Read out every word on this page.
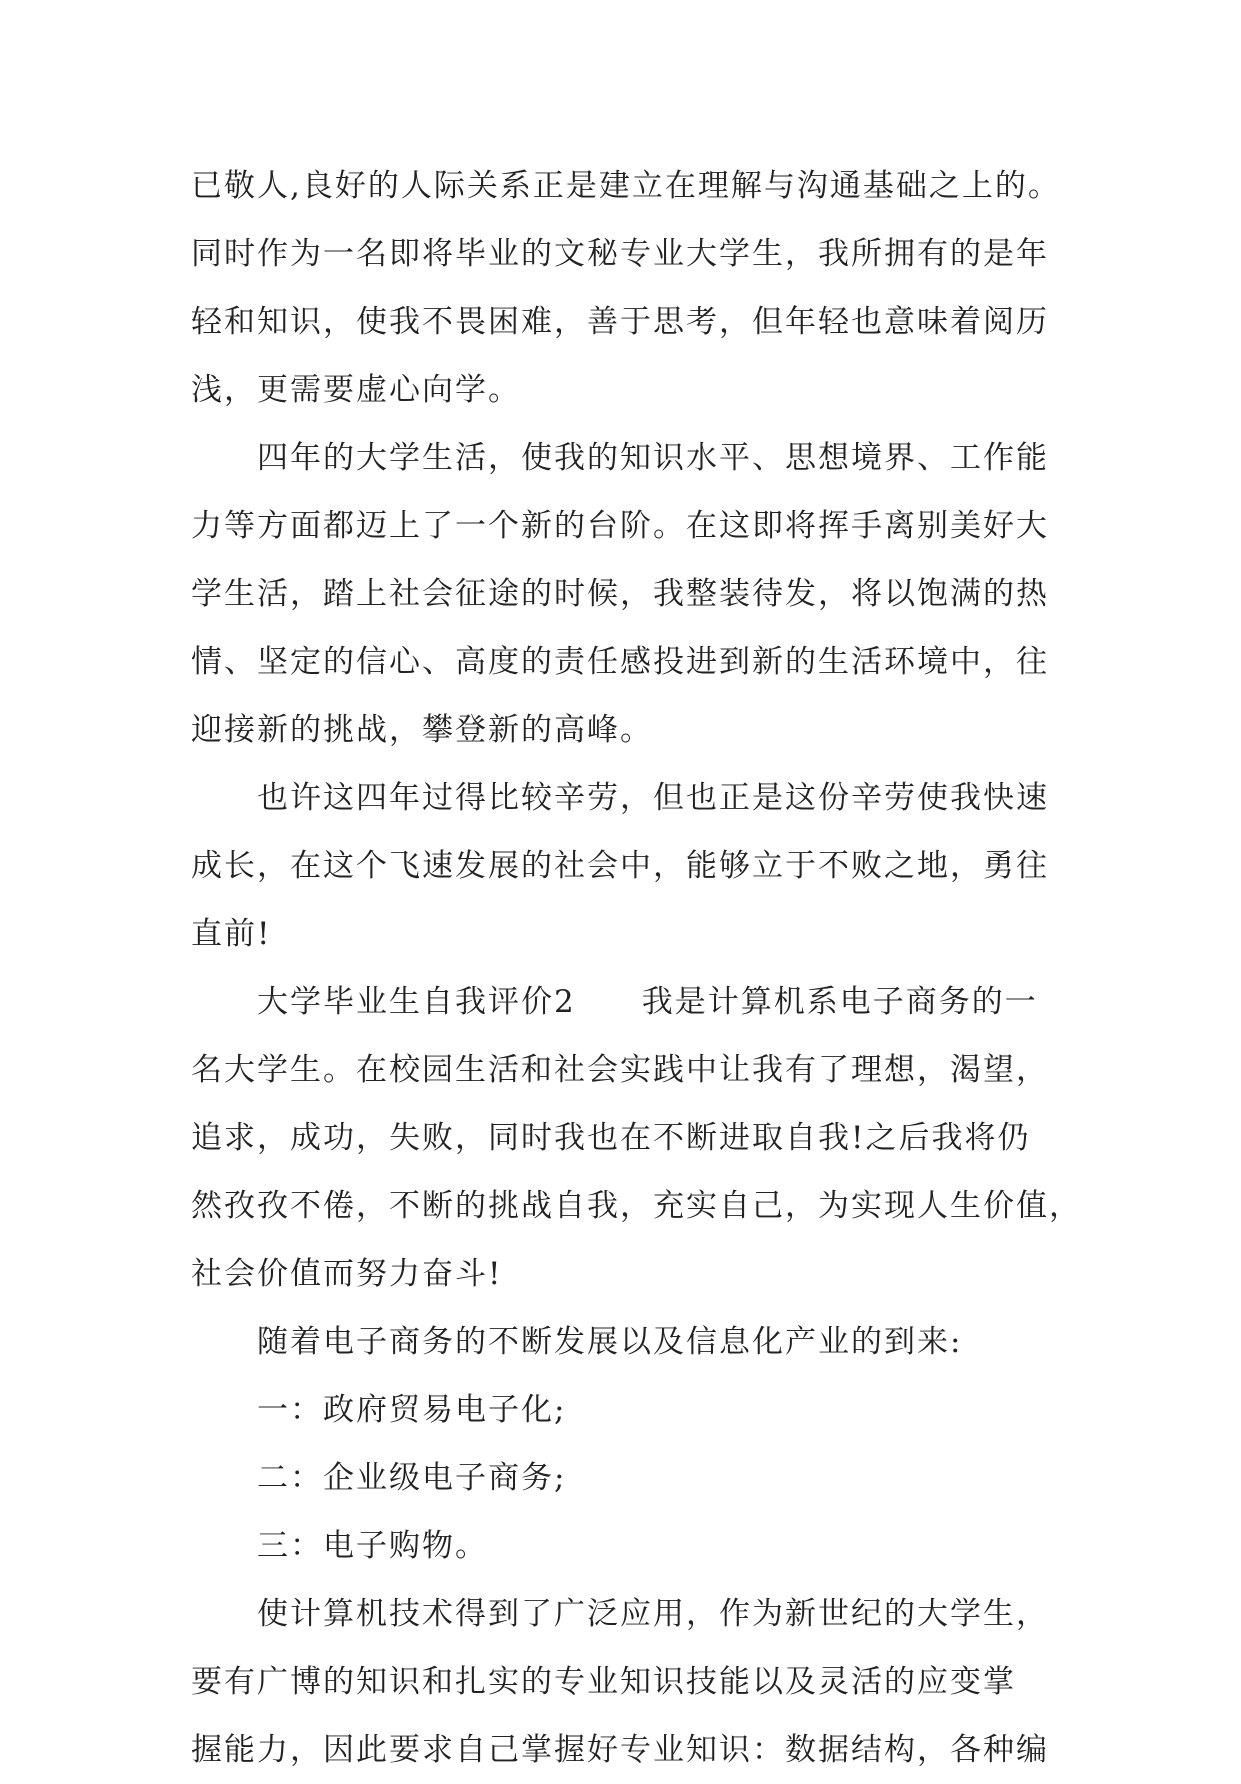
已敬人,良好的人际关系正是建立在理解与沟通基础之上的。
同时作为一名即将毕业的文秘专业大学生，我所拥有的是年
轻和知识，使我不畏困难，善于思考，但年轻也意味着阅历
浅，更需要虚心向学。
四年的大学生活，使我的知识水平、思想境界、工作能
力等方面都迈上了一个新的台阶。在这即将挥手离别美好大
学生活，踏上社会征途的时候，我整装待发，将以饱满的热
情、坚定的信心、高度的责任感投进到新的生活环境中，往
迎接新的挑战，攀登新的高峰。
也许这四年过得比较辛劳，但也正是这份辛劳使我快速
成长，在这个飞速发展的社会中，能够立于不败之地，勇往
直前!
大学毕业生自我评价2　　我是计算机系电子商务的一
名大学生。在校园生活和社会实践中让我有了理想，渴望，
追求，成功，失败，同时我也在不断进取自我!之后我将仍
然孜孜不倦，不断的挑战自我，充实自己，为实现人生价值，
社会价值而努力奋斗!
随着电子商务的不断发展以及信息化产业的到来:
一：政府贸易电子化;
二：企业级电子商务;
三：电子购物。
使计算机技术得到了广泛应用，作为新世纪的大学生，
要有广博的知识和扎实的专业知识技能以及灵活的应变掌
握能力，因此要求自己掌握好专业知识：数据结构，各种编
